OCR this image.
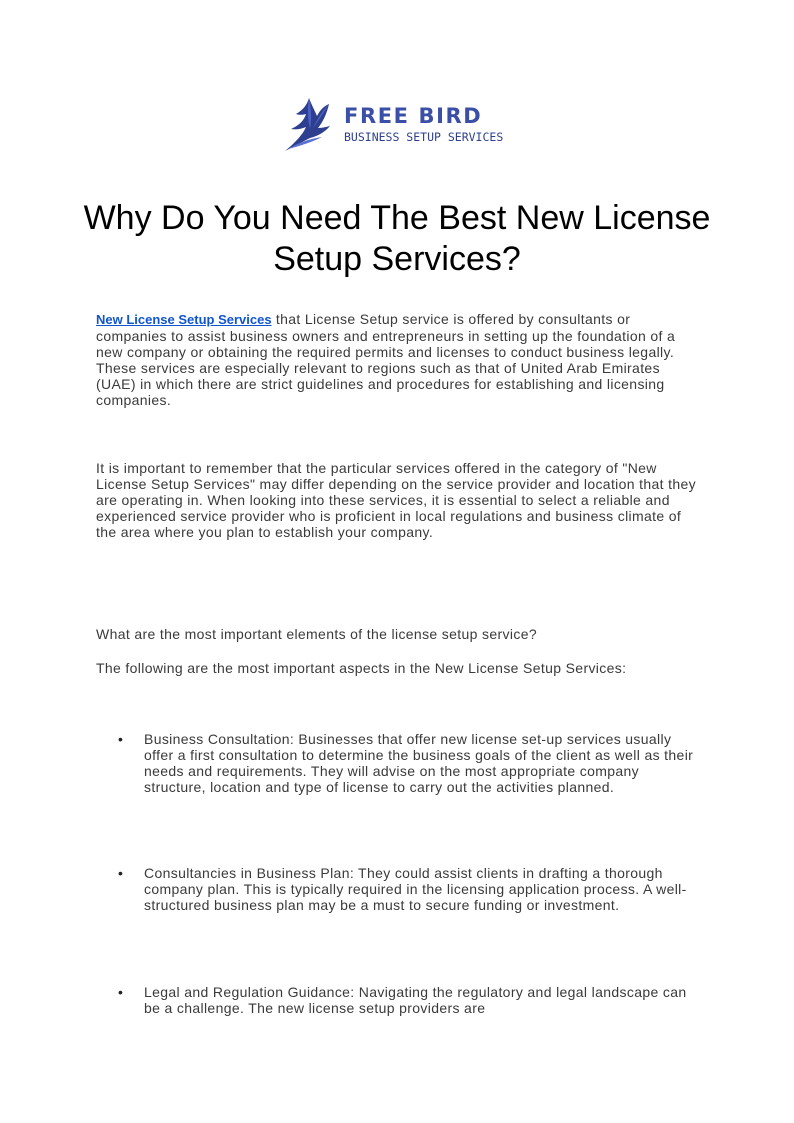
FREE BIRD
BUSINESS SETUP SERVICES
Why Do You Need The Best New License Setup Services?

New License Setup Services that License Setup service is offered by consultants or companies to assist business owners and entrepreneurs in setting up the foundation of a new company or obtaining the required permits and licenses to conduct business legally. These services are especially relevant to regions such as that of United Arab Emirates (UAE) in which there are strict guidelines and procedures for establishing and licensing companies.

It is important to remember that the particular services offered in the category of "New License Setup Services" may differ depending on the service provider and location that they are operating in. When looking into these services, it is essential to select a reliable and experienced service provider who is proficient in local regulations and business climate of the area where you plan to establish your company.

What are the most important elements of the license setup service?

The following are the most important aspects in the New License Setup Services:

• Business Consultation: Businesses that offer new license set-up services usually offer a first consultation to determine the business goals of the client as well as their needs and requirements. They will advise on the most appropriate company structure, location and type of license to carry out the activities planned.

• Consultancies in Business Plan: They could assist clients in drafting a thorough company plan. This is typically required in the licensing application process. A well-structured business plan may be a must to secure funding or investment.

• Legal and Regulation Guidance: Navigating the regulatory and legal landscape can be a challenge. The new license setup providers are
